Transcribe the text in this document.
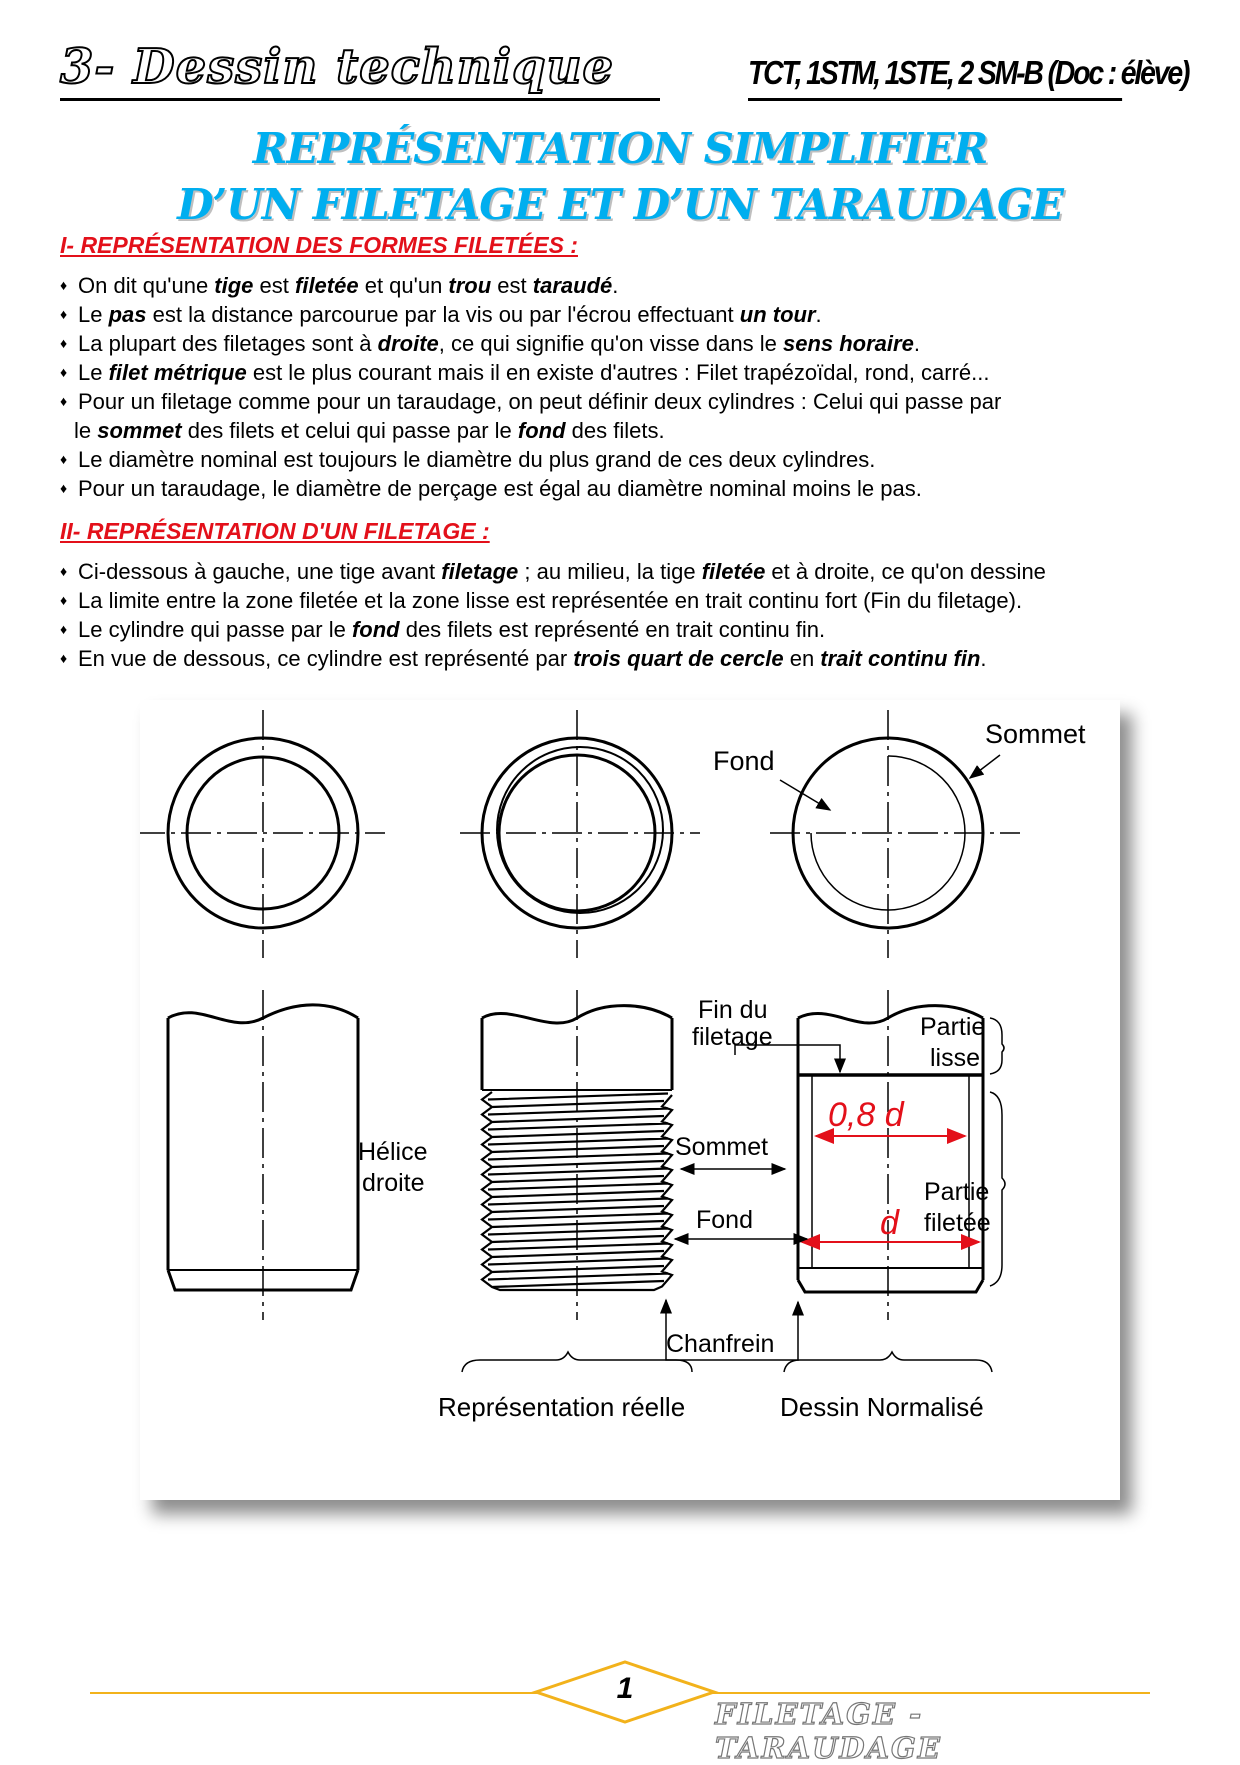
3- Dessin technique	TCT, 1STM, 1STE, 2 SM-B (Doc : élève)
REPRÉSENTATION SIMPLIFIER
D’UN FILETAGE ET D’UN TARAUDAGE
I- REPRÉSENTATION DES FORMES FILETÉES :
♦ On dit qu'une tige est filetée et qu'un trou est taraudé.
♦ Le pas est la distance parcourue par la vis ou par l'écrou effectuant un tour.
♦ La plupart des filetages sont à droite, ce qui signifie qu'on visse dans le sens horaire.
♦ Le filet métrique est le plus courant mais il en existe d'autres : Filet trapézoïdal, rond, carré...
♦ Pour un filetage comme pour un taraudage, on peut définir deux cylindres : Celui qui passe par
le sommet des filets et celui qui passe par le fond des filets.
♦ Le diamètre nominal est toujours le diamètre du plus grand de ces deux cylindres.
♦ Pour un taraudage, le diamètre de perçage est égal au diamètre nominal moins le pas.
II- REPRÉSENTATION D'UN FILETAGE :
♦ Ci-dessous à gauche, une tige avant filetage ; au milieu, la tige filetée et à droite, ce qu'on dessine
♦ La limite entre la zone filetée et la zone lisse est représentée en trait continu fort (Fin du filetage).
♦ Le cylindre qui passe par le fond des filets est représenté en trait continu fin.
♦ En vue de dessous, ce cylindre est représenté par trois quart de cercle en trait continu fin.
Fond
Sommet
0,8 d
d
Fin du
filetage	Partie
lisse
Partie
filetée
Hélice
droite
Sommet
Fond
Chanfrein
Représentation réelle	Dessin Normalisé
1
FILETAGE - TARAUDAGE
